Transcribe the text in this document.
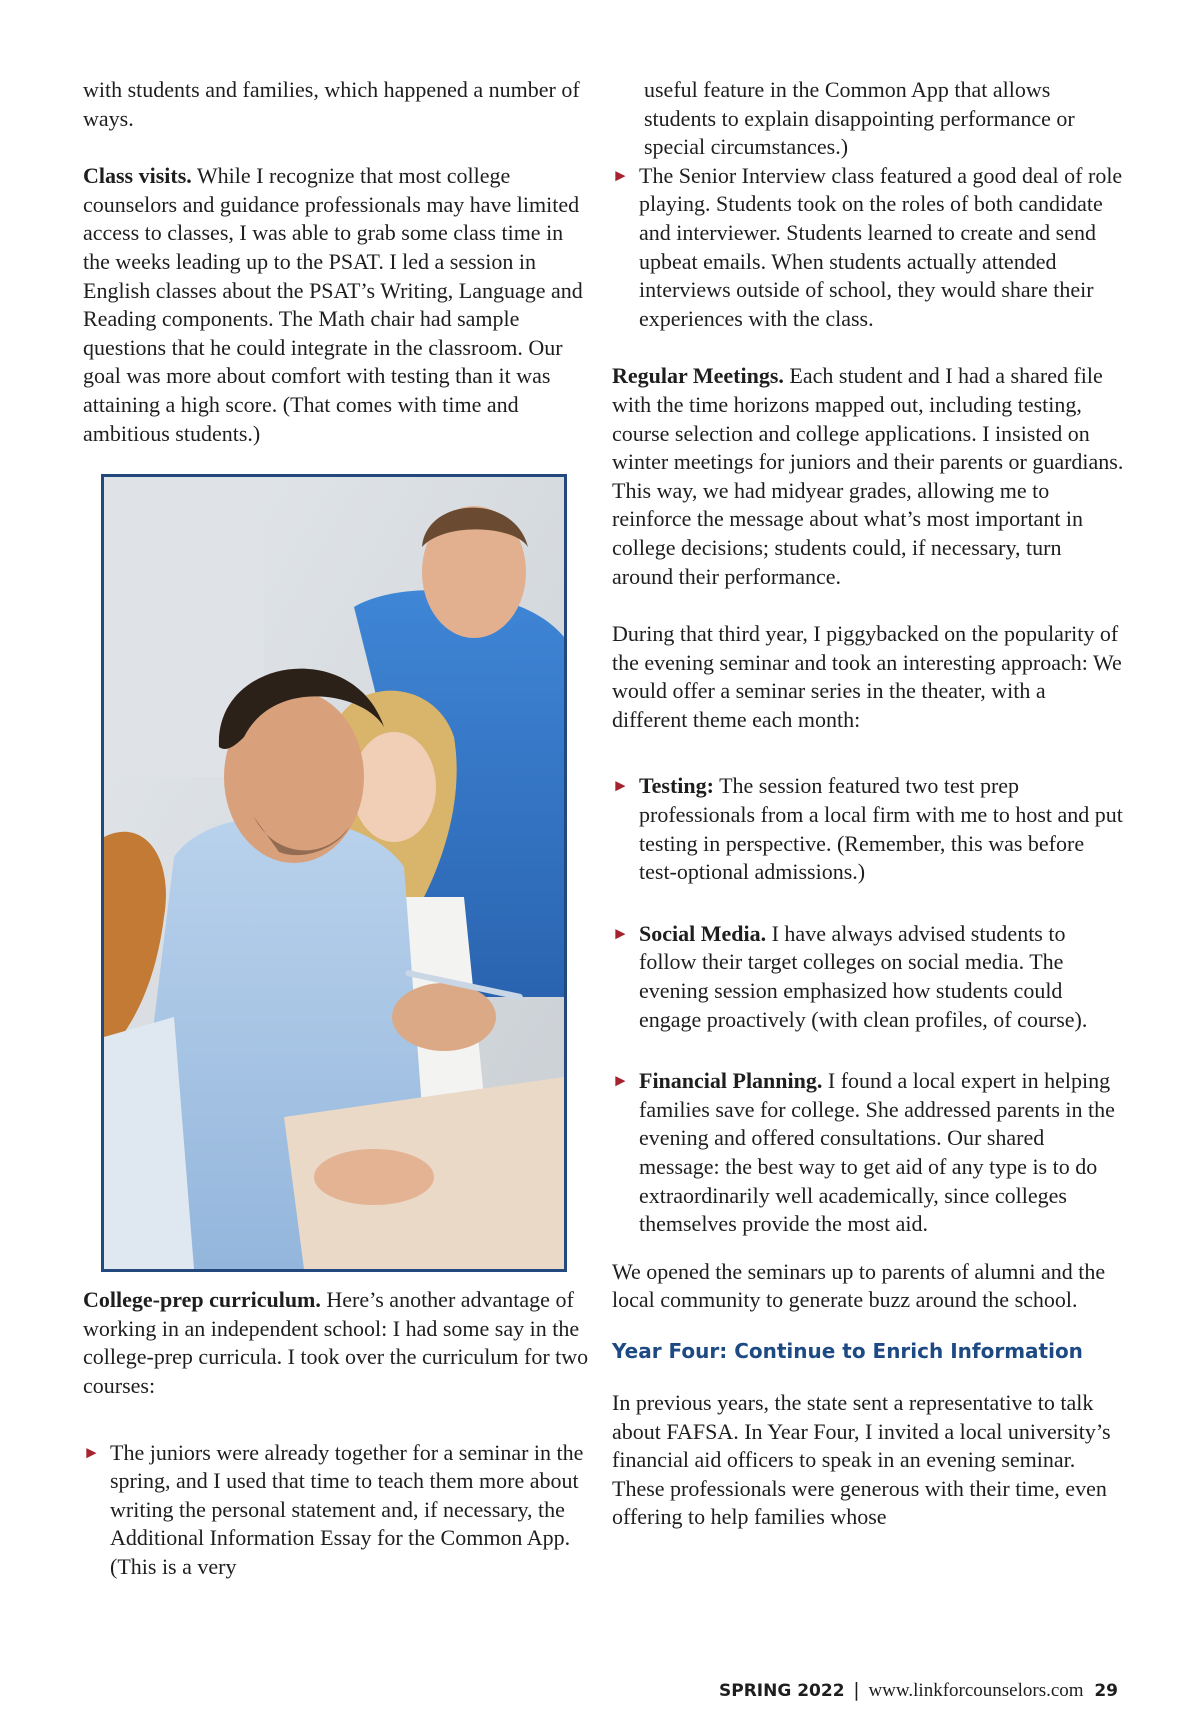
with students and families, which happened a number of ways.

Class visits. While I recognize that most college counselors and guidance professionals may have limited access to classes, I was able to grab some class time in the weeks leading up to the PSAT. I led a session in English classes about the PSAT’s Writing, Language and Reading components. The Math chair had sample questions that he could integrate in the classroom. Our goal was more about comfort with testing than it was attaining a high score. (That comes with time and ambitious students.)

College-prep curriculum. Here’s another advantage of working in an independent school: I had some say in the college-prep curricula. I took over the curriculum for two courses:

► The juniors were already together for a seminar in the spring, and I used that time to teach them more about writing the personal statement and, if necessary, the Additional Information Essay for the Common App. (This is a very

useful feature in the Common App that allows students to explain disappointing performance or special circumstances.)

► The Senior Interview class featured a good deal of role playing. Students took on the roles of both candidate and interviewer. Students learned to create and send upbeat emails. When students actually attended interviews outside of school, they would share their experiences with the class.

Regular Meetings. Each student and I had a shared file with the time horizons mapped out, including testing, course selection and college applications. I insisted on winter meetings for juniors and their parents or guardians. This way, we had midyear grades, allowing me to reinforce the message about what’s most important in college decisions; students could, if necessary, turn around their performance.

During that third year, I piggybacked on the popularity of the evening seminar and took an interesting approach: We would offer a seminar series in the theater, with a different theme each month:

► Testing: The session featured two test prep professionals from a local firm with me to host and put testing in perspective. (Remember, this was before test-optional admissions.)

► Social Media. I have always advised students to follow their target colleges on social media. The evening session emphasized how students could engage proactively (with clean profiles, of course).

► Financial Planning. I found a local expert in helping families save for college. She addressed parents in the evening and offered consultations. Our shared message: the best way to get aid of any type is to do extraordinarily well academically, since colleges themselves provide the most aid.

We opened the seminars up to parents of alumni and the local community to generate buzz around the school.

Year Four: Continue to Enrich Information

In previous years, the state sent a representative to talk about FAFSA. In Year Four, I invited a local university’s financial aid officers to speak in an evening seminar. These professionals were generous with their time, even offering to help families whose

SPRING 2022 | www.linkforcounselors.com 29
